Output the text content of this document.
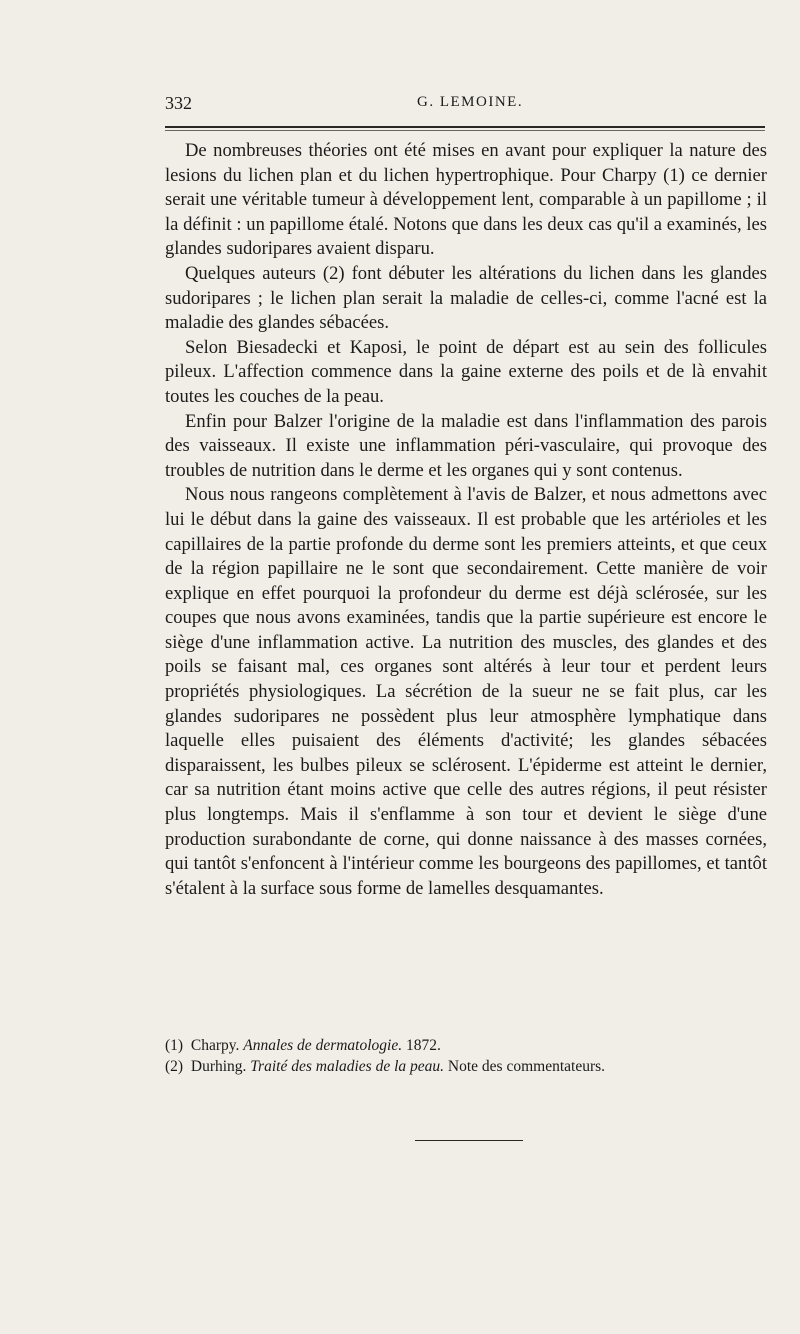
332	G. LEMOINE.

De nombreuses théories ont été mises en avant pour expliquer la nature des lesions du lichen plan et du lichen hypertrophique. Pour Charpy (1) ce dernier serait une véritable tumeur à développement lent, comparable à un papillome ; il la définit : un papillome étalé. Notons que dans les deux cas qu'il a examinés, les glandes sudoripares avaient disparu.

Quelques auteurs (2) font débuter les altérations du lichen dans les glandes sudoripares ; le lichen plan serait la maladie de celles-ci, comme l'acné est la maladie des glandes sébacées.

Selon Biesadecki et Kaposi, le point de départ est au sein des follicules pileux. L'affection commence dans la gaine externe des poils et de là envahit toutes les couches de la peau.

Enfin pour Balzer l'origine de la maladie est dans l'inflammation des parois des vaisseaux. Il existe une inflammation péri-vasculaire, qui provoque des troubles de nutrition dans le derme et les organes qui y sont contenus.

Nous nous rangeons complètement à l'avis de Balzer, et nous admettons avec lui le début dans la gaine des vaisseaux. Il est probable que les artérioles et les capillaires de la partie profonde du derme sont les premiers atteints, et que ceux de la région papillaire ne le sont que secondairement. Cette manière de voir explique en effet pourquoi la profondeur du derme est déjà sclérosée, sur les coupes que nous avons examinées, tandis que la partie supérieure est encore le siège d'une inflammation active. La nutrition des muscles, des glandes et des poils se faisant mal, ces organes sont altérés à leur tour et perdent leurs propriétés physiologiques. La sécrétion de la sueur ne se fait plus, car les glandes sudoripares ne possèdent plus leur atmosphère lymphatique dans laquelle elles puisaient des éléments d'activité; les glandes sébacées disparaissent, les bulbes pileux se sclérosent. L'épiderme est atteint le dernier, car sa nutrition étant moins active que celle des autres régions, il peut résister plus longtemps. Mais il s'enflamme à son tour et devient le siège d'une production surabondante de corne, qui donne naissance à des masses cornées, qui tantôt s'enfoncent à l'intérieur comme les bourgeons des papillomes, et tantôt s'étalent à la surface sous forme de lamelles desquamantes.

(1) Charpy. Annales de dermatologie. 1872.

(2) Durhing. Traité des maladies de la peau. Note des commentateurs.
